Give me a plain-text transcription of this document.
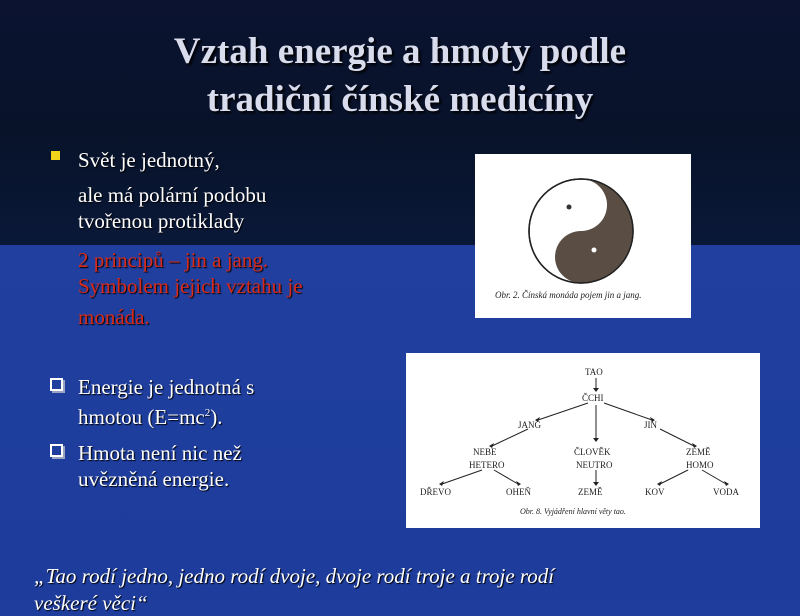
Vztah energie a hmoty podle
tradiční čínské medicíny
Svět je jednotný,
ale má polární podobu
tvořenou protiklady
2 principů – jin a jang.
Symbolem jejich vztahu je
monáda.
Energie je jednotná s
hmotou $(E=mc^2)$.
Hmota není nic než
uvězněná energie.
Obr. 2. Čínská monáda pojem jin a jang.
TAO
ČCHI
JANG	JIN
NEBE
HETERO
ČLOVĚK
NEUTRO
ZEMĚ
HOMO
DŘEVO	OHEŇ	ZEMĚ	KOV	VODA
Obr. 8. Vyjádření hlavní věty tao.
„Tao rodí jedno, jedno rodí dvoje, dvoje rodí troje a troje rodí
veškeré věci“
